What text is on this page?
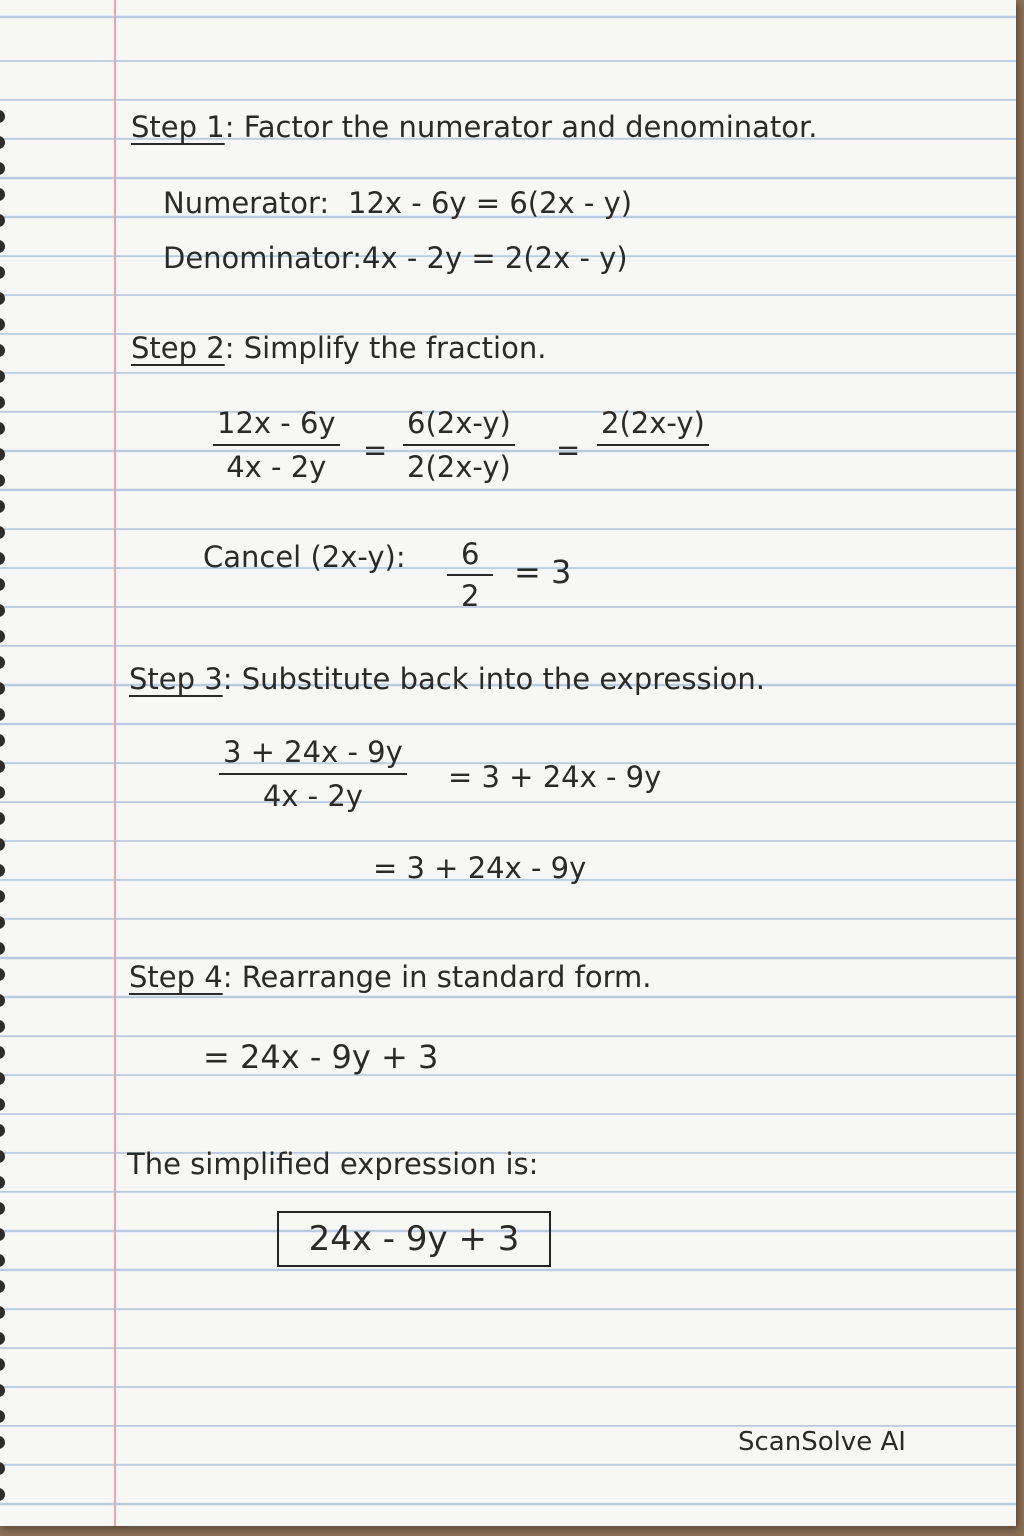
Step 1: Factor the numerator and denominator.
Numerator: 12x - 6y = 6(2x - y)
Denominator: 4x - 2y = 2(2x - y)
Step 2: Simplify the fraction.
12x - 6y
4x - 2y =
6(2x-y)
2(2x-y) =
2(2x-y)
Cancel (2x-y):	6
2
= 3
Step 3: Substitute back into the expression.
3 + 24x - 9y
4x - 2y
= 3 + 24x - 9y
= 3 + 24x - 9y
Step 4: Rearrange in standard form.
= 24x - 9y + 3
The simplified expression is:
24x - 9y + 3
ScanSolve AI
